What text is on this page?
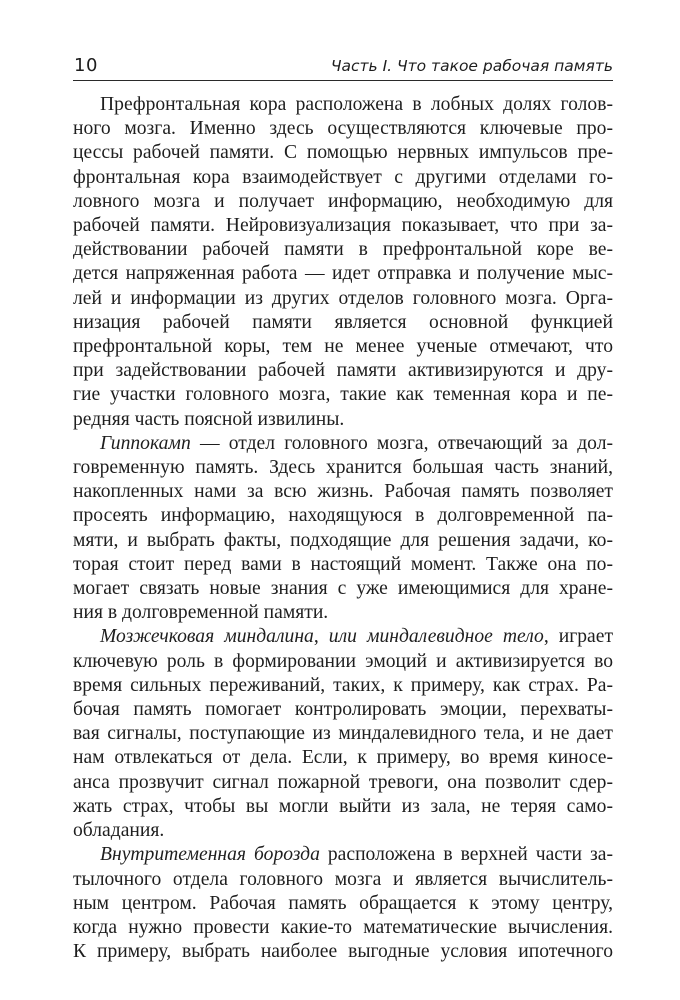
10	Часть I. Что такое рабочая память

Префронтальная кора расположена в лобных долях голов-
ного мозга. Именно здесь осуществляются ключевые про-
цессы рабочей памяти. С помощью нервных импульсов пре-
фронтальная кора взаимодействует с другими отделами го-
ловного мозга и получает информацию, необходимую для
рабочей памяти. Нейровизуализация показывает, что при за-
действовании рабочей памяти в префронтальной коре ве-
дется напряженная работа — идет отправка и получение мыс-
лей и информации из других отделов головного мозга. Орга-
низация рабочей памяти является основной функцией
префронтальной коры, тем не менее ученые отмечают, что
при задействовании рабочей памяти активизируются и дру-
гие участки головного мозга, такие как теменная кора и пе-
редняя часть поясной извилины.

Гиппокамп — отдел головного мозга, отвечающий за дол-
говременную память. Здесь хранится большая часть знаний,
накопленных нами за всю жизнь. Рабочая память позволяет
просеять информацию, находящуюся в долговременной па-
мяти, и выбрать факты, подходящие для решения задачи, ко-
торая стоит перед вами в настоящий момент. Также она по-
могает связать новые знания с уже имеющимися для хране-
ния в долговременной памяти.

Мозжечковая миндалина, или миндалевидное тело, играет
ключевую роль в формировании эмоций и активизируется во
время сильных переживаний, таких, к примеру, как страх. Ра-
бочая память помогает контролировать эмоции, перехваты-
вая сигналы, поступающие из миндалевидного тела, и не дает
нам отвлекаться от дела. Если, к примеру, во время киносе-
анса прозвучит сигнал пожарной тревоги, она позволит сдер-
жать страх, чтобы вы могли выйти из зала, не теряя само-
обладания.

Внутритеменная борозда расположена в верхней части за-
тылочного отдела головного мозга и является вычислитель-
ным центром. Рабочая память обращается к этому центру,
когда нужно провести какие-то математические вычисления.
К примеру, выбрать наиболее выгодные условия ипотечного
